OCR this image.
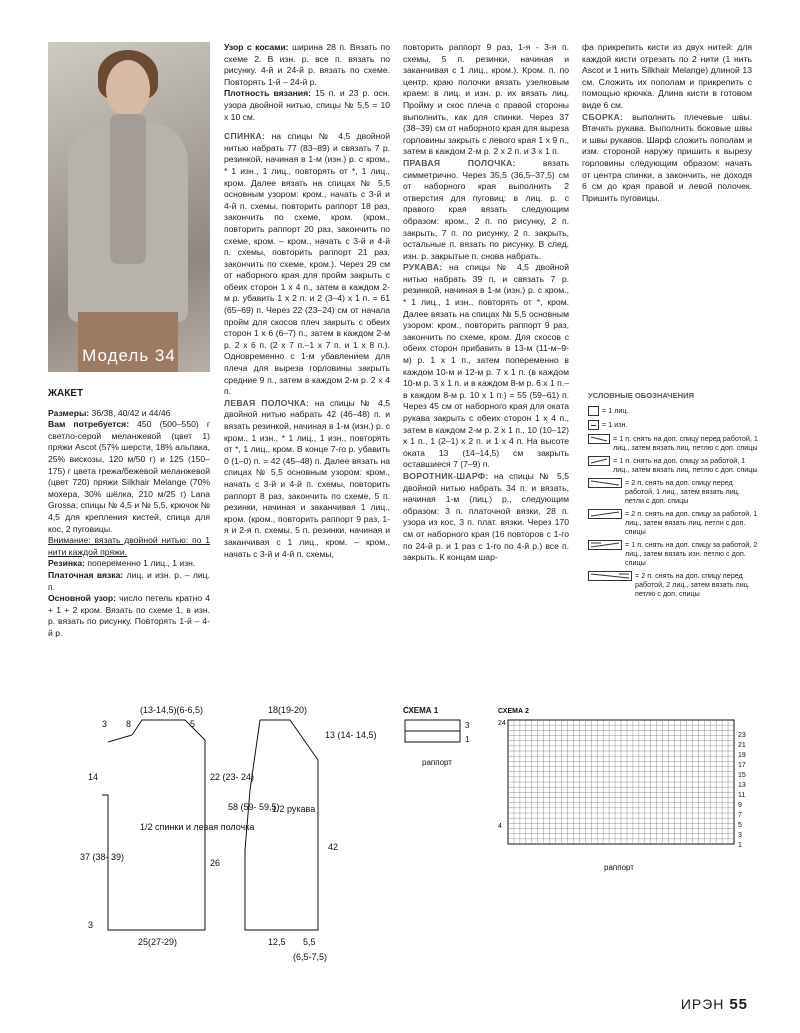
Модель 34
ЖАКЕТ

Размеры: 36/38, 40/42 и 44/46

Вам потребуется: 450 (500–550) г светло-серой меланжевой (цвет 1) пряжи Ascot (57% шерсти, 18% альпака, 25% вискозы, 120 м/50 г) и 125 (150–175) г цвета грежа/бежевой меланжевой (цвет 720) пряжи Silkhair Melange (70% мохера, 30% шёлка, 210 м/25 г) Lana Grossa; спицы № 4,5 и № 5,5, крючок № 4,5 для крепления кистей, спица для кос, 2 пуговицы.

Внимание: вязать двойной нитью: по 1 нити каждой пряжи.

Резинка: попеременно 1 лиц., 1 изн.

Платочная вязка: лиц. и изн. р. – лиц. п.

Основной узор: число петель кратно 4 + 1 + 2 кром. Вязать по схеме 1, в изн. р. вязать по рисунку. Повторять 1-й – 4-й р.

Узор с косами: ширина 28 п. Вязать по схеме 2. В изн. р. все п. вязать по рисунку. 4-й и 24-й р. вязать по схеме. Повторять 1-й – 24-й р.

Плотность вязания: 15 п. и 23 р. осн. узора двойной нитью, спицы № 5,5 = 10 х 10 см.

СПИНКА: на спицы № 4,5 двойной нитью набрать 77 (83–89) и связать 7 р. резинкой, начиная в 1-м (изн.) р. с кром., * 1 изн., 1 лиц., повторять от *, 1 лиц., кром. Далее вязать на спицах № 5,5 основным узором: кром., начать с 3-й и 4-й п. схемы, повторить раппорт 18 раз, закончить по схеме, кром. (кром., повторить раппорт 20 раз, закончить по схеме, кром. – кром., начать с 3-й и 4-й п. схемы, повторить раппорт 21 раз, закончить по схеме, кром.). Через 29 см от наборного края для пройм закрыть с обеих сторон 1 х 4 п., затем в каждом 2-м р. убавить 1 х 2 п. и 2 (3–4) х 1 п. = 61 (65–69) п. Через 22 (23–24) см от начала пройм для скосов плеч закрыть с обеих сторон 1 х 6 (6–7) п., затем в каждом 2-м р. 2 х 6 п. (2 х 7 п.–1 х 7 п. и 1 х 8 п.). Одновременно с 1-м убавлением для плеча для выреза горловины закрыть средние 9 п., затем в каждом 2-м р. 2 х 4 п.

ЛЕВАЯ ПОЛОЧКА: на спицы № 4,5 двойной нитью набрать 42 (46–48) п. и вязать резинкой, начиная в 1-м (изн.) р. с кром., 1 изн., * 1 лиц., 1 изн., повторять от *, 1 лиц., кром. В конце 7-го р. убавить 0 (1–0) п. = 42 (45–48) п. Далее вязать на спицах № 5,5 основным узором: кром., начать с 3-й и 4-й п. схемы, повторить раппорт 8 раз, закончить по схеме, 5 п. резинки, начиная и заканчивая 1 лиц., кром. (кром., повторить раппорт 9 раз, 1-я и 2-я п. схемы, 5 п. резинки, начиная и заканчивая с 1 лиц., кром. – кром., начать с 3-й и 4-й п. схемы,

повторить раппорт 9 раз, 1-я - 3-я п. схемы, 5 п. резинки, начиная и заканчивая с 1 лиц., кром.). Кром. п. по центр. краю полочки вязать узелковым краем: в лиц. и изн. р. их вязать лиц. Пройму и скос плеча с правой стороны выполнить, как для спинки. Через 37 (38–39) см от наборного края для выреза горловины закрыть с левого края 1 х 9 п., затем в каждом 2-м р. 2 х 2 п. и 3 х 1 п.

ПРАВАЯ ПОЛОЧКА: вязать симметрично. Через 35,5 (36,5–37,5) см от наборного края выполнить 2 отверстия для пуговиц: в лиц. р. с правого края вязать следующим образом: кром., 2 п. по рисунку, 2 п. закрыть, 7 п. по рисунку, 2 п. закрыть, остальные п. вязать по рисунку. В след. изн. р. закрытые п. снова набрать.

РУКАВА: на спицы № 4,5 двойной нитью набрать 39 п. и связать 7 р. резинкой, начиная в 1-м (изн.) р. с кром., * 1 лиц., 1 изн., повторять от *, кром. Далее вязать на спицах № 5,5 основным узором: кром., повторить раппорт 9 раз, закончить по схеме, кром. Для скосов с обеих сторон прибавить в 13-м (11-м–9-м) р. 1 х 1 п., затем попеременно в каждом 10-м и 12-м р. 7 х 1 п. (в каждом 10-м р. 3 х 1 п. и в каждом 8-м р. 6 х 1 п.–в каждом 8-м р. 10 х 1 п.) = 55 (59–61) п. Через 45 см от наборного края для оката рукава закрыть с обеих сторон 1 х 4 п., затем в каждом 2-м р. 2 х 1 п., 10 (10–12) х 1 п., 1 (2–1) х 2 п. и 1 х 4 п. На высоте оката 13 (14–14,5) см закрыть оставшиеся 7 (7–9) п.

ВОРОТНИК-ШАРФ: на спицы № 5,5 двойной нитью набрать 34 п. и вязать, начиная 1-м (лиц.) р., следующим образом: 3 п. платочной вязки, 28 п. узора из кос, 3 п. плат. вязки. Через 170 см от наборного края (16 повторов с 1-го по 24-й р. и 1 раз с 1-го по 4-й р.) все п. закрыть. К концам шар-

фа прикрепить кисти из двух нитей: для каждой кисти отрезать по 2 нити (1 нить Ascot и 1 нить Silkhair Melange) длиной 13 см. Сложить их пополам и прикрепить с помощью крючка. Длина кисти в готовом виде 6 см.

СБОРКА: выполнить плечевые швы. Втачать рукава. Выполнить боковые швы и швы рукавов. Шарф сложить пополам и изм. стороной наружу пришить к вырезу горловины следующим образом: начать от центра спинки, а закончить, не доходя 6 см до края правой и левой полочек. Пришить пуговицы.

УСЛОВНЫЕ ОБОЗНАЧЕНИЯ
= 1 лиц.
= 1 изн.
= 1 п. снять на доп. спицу перед работой, 1 лиц., затем вязать лиц. петлю с доп. спицы
= 1 п. снять на доп. спицу за работой, 1 лиц., затем вязать лиц. петлю с доп. спицы
= 2 п. снять на доп. спицу перед работой, 1 лиц., затем вязать лиц. петли с доп. спицы
= 2 п. снять на доп. спицу за работой, 1 лиц., затем вязать лиц. петли с доп. спицы
= 1 п. снять на доп. спицу за работой, 2 лиц., затем вязать изн. петлю с доп. спицы
= 2 п. снять на доп. спицу перед работой, 2 лиц., затем вязать лиц. петлю с доп. спицы
(13-14,5)(6-6,5)
3 8	5
14	22 (23- 24)
37 (38- 39)
26
3
25(27-29)
1/2 спинки и левая полочка
18(19-20)
13 (14- 14,5)
58 (59- 59,5)
42
1/2 рукава
12,5 5,5
(6,5-7,5)
СХЕМА 1
3
1
раппорт
СХЕМА 2
24
4
23
21
19
17
15
13
11
9
7
5
3
1
раппорт
ИРЭН 55
